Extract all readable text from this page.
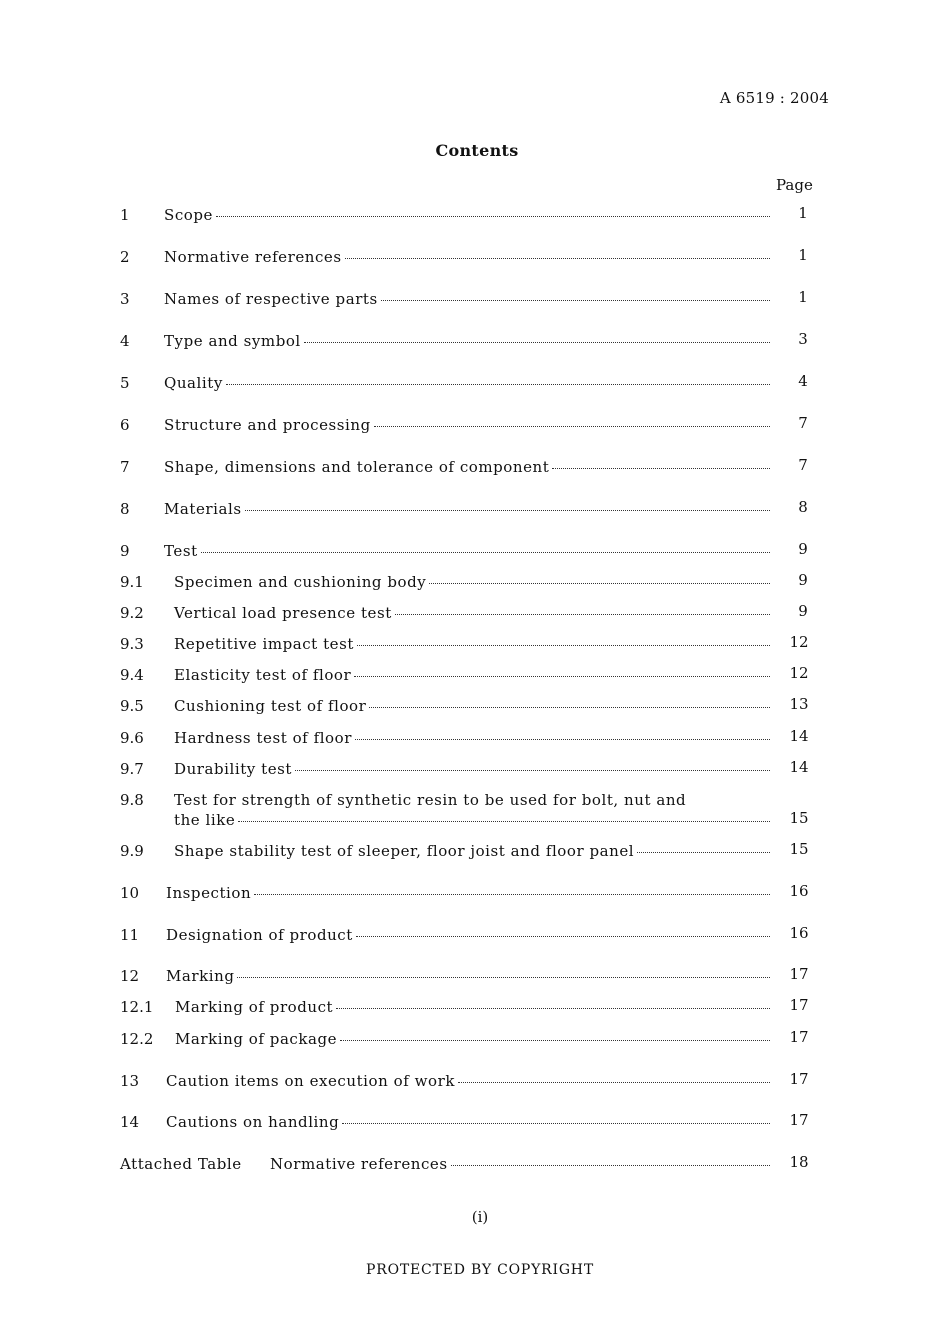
A 6519 : 2004
Contents
Page
1 Scope	1
2 Normative references	1
3 Names of respective parts	1
4 Type and symbol	3
5 Quality	4
6 Structure and processing	7
7 Shape, dimensions and tolerance of component	7
8 Materials	8
9 Test	9
9.1 Specimen and cushioning body	9
9.2 Vertical load presence test	9
9.3 Repetitive impact test	12
9.4 Elasticity test of floor	12
9.5 Cushioning test of floor	13
9.6 Hardness test of floor	14
9.7 Durability test	14
9.8 Test for strength of synthetic resin to be used for bolt, nut and
the like	15
9.9 Shape stability test of sleeper, floor joist and floor panel	15
10 Inspection	16
11 Designation of product	16
12 Marking	17
12.1 Marking of product	17
12.2 Marking of package	17
13 Caution items on execution of work	17
14 Cautions on handling	17
Attached Table Normative references	18
(i)
PROTECTED BY COPYRIGHT
